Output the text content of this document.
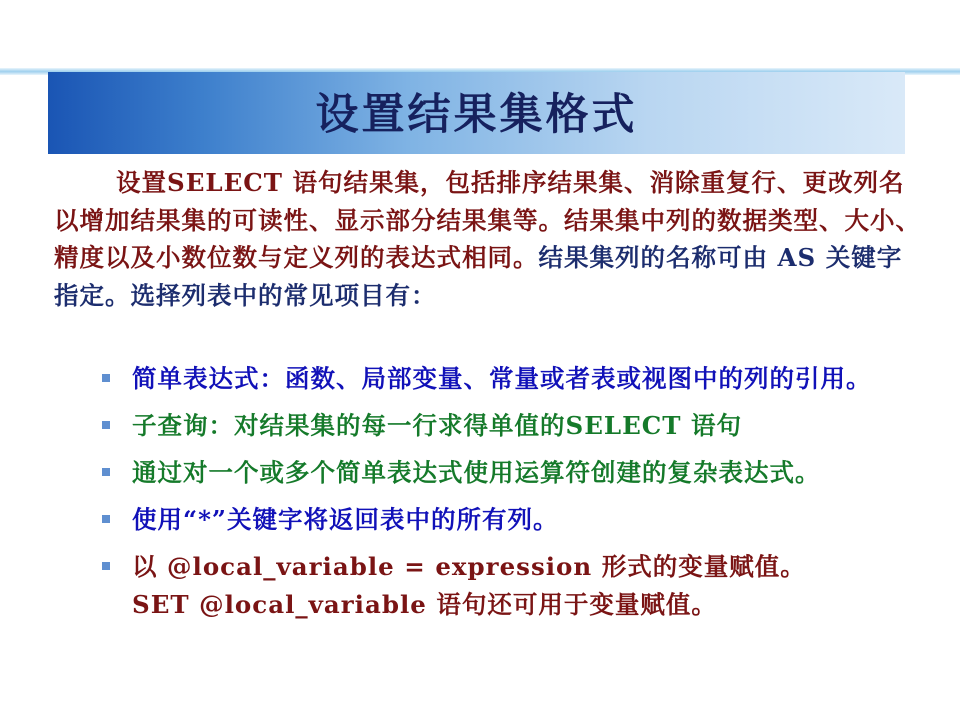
设置结果集格式
设置SELECT 语句结果集，包括排序结果集、消除重复行、更改列名以增加结果集的可读性、显示部分结果集等。结果集中列的数据类型、大小、精度以及小数位数与定义列的表达式相同。结果集列的名称可由 AS 关键字指定。选择列表中的常见项目有：
简单表达式：函数、局部变量、常量或者表或视图中的列的引用。
子查询：对结果集的每一行求得单值的SELECT 语句
通过对一个或多个简单表达式使用运算符创建的复杂表达式。
使用“*”关键字将返回表中的所有列。
以 @local_variable = expression 形式的变量赋值。
SET @local_variable 语句还可用于变量赋值。
